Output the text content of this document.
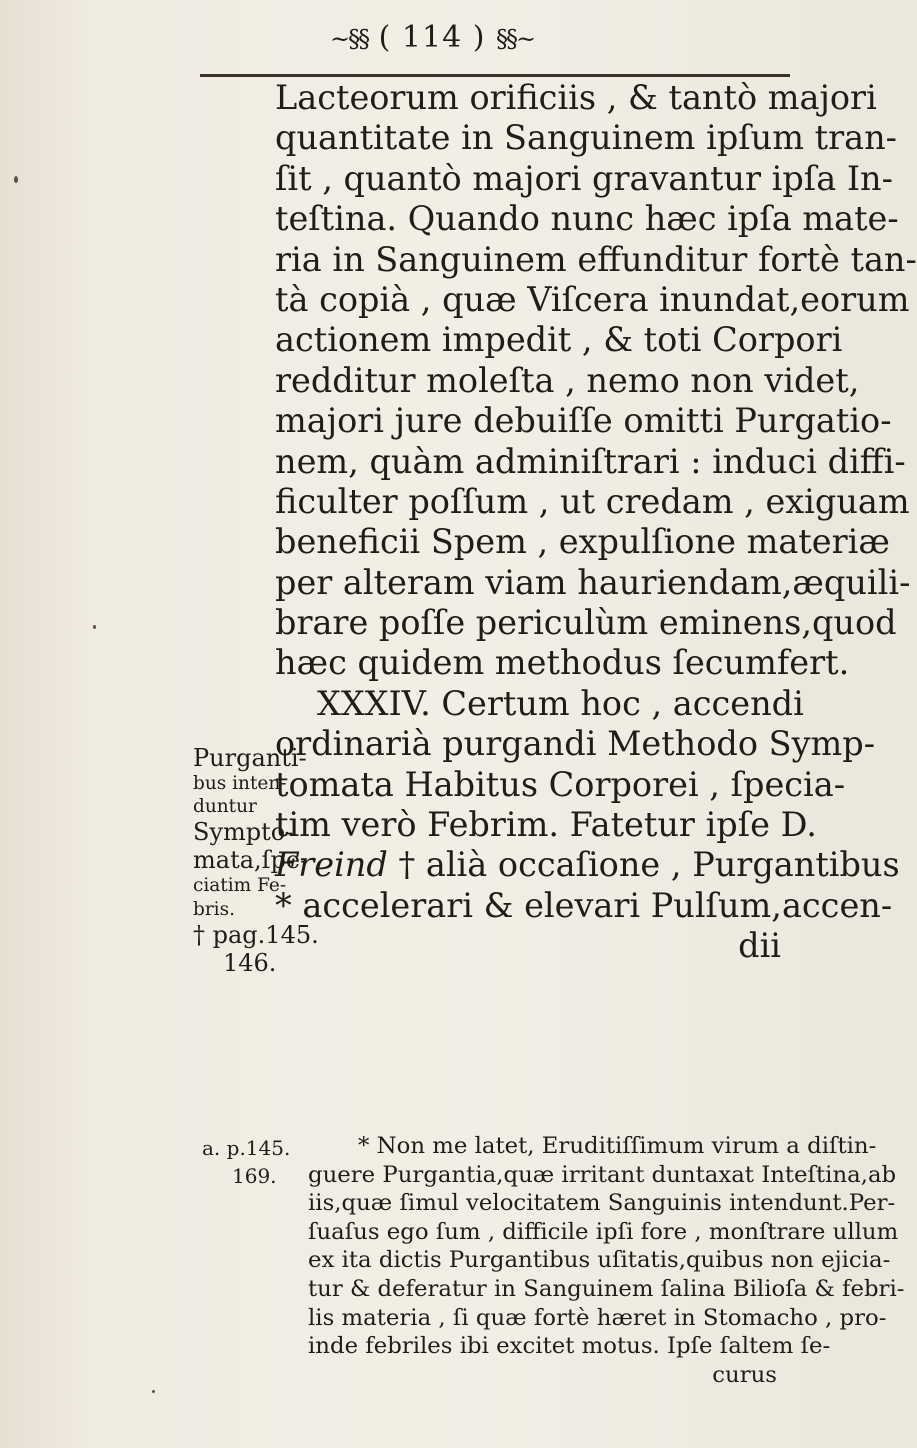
~§§ ( 114 ) §§~
Lacteorum orificiis , & tantò majori
quantitate in Sanguinem ipſum tran-
ſit , quantò majori gravantur ipſa In-
teſtina. Quando nunc hæc ipſa mate-
ria in Sanguinem effunditur fortè tan-
tà copià , quæ Viſcera inundat,eorum
actionem impedit , & toti Corpori
redditur moleſta , nemo non videt,
majori jure debuiſſe omitti Purgatio-
nem, quàm adminiſtrari : induci diffi-
ficulter poſſum , ut credam , exiguam
beneficii Spem , expulſione materiæ
per alteram viam hauriendam,æquili-
brare poſſe periculùm eminens,quod
hæc quidem methodus ſecumfert.
XXXIV. Certum hoc , accendi
ordinarià purgandi Methodo Symp-
tomata Habitus Corporei , ſpecia-
tim verò Febrim. Fatetur ipſe D.
Freind † alià occaſione , Purgantibus
* accelerari & elevari Pulſum,accen-
dii
Purganti-
bus inten-
duntur
Sympto-
mata,ſpe-
ciatim Fe-
bris.
† pag.145.
146.
a. p.145.
169.
* Non me latet, Eruditiſſimum virum a diſtin-
guere Purgantia,quæ irritant duntaxat Inteſtina,ab
iis,quæ ſimul velocitatem Sanguinis intendunt.Per-
ſuaſus ego ſum , difficile ipſi fore , monſtrare ullum
ex ita dictis Purgantibus uſitatis,quibus non ejicia-
tur & deferatur in Sanguinem ſalina Bilioſa & febri-
lis materia , ſi quæ fortè hæret in Stomacho , pro-
inde febriles ibi excitet motus. Ipſe ſaltem ſe-
curus
